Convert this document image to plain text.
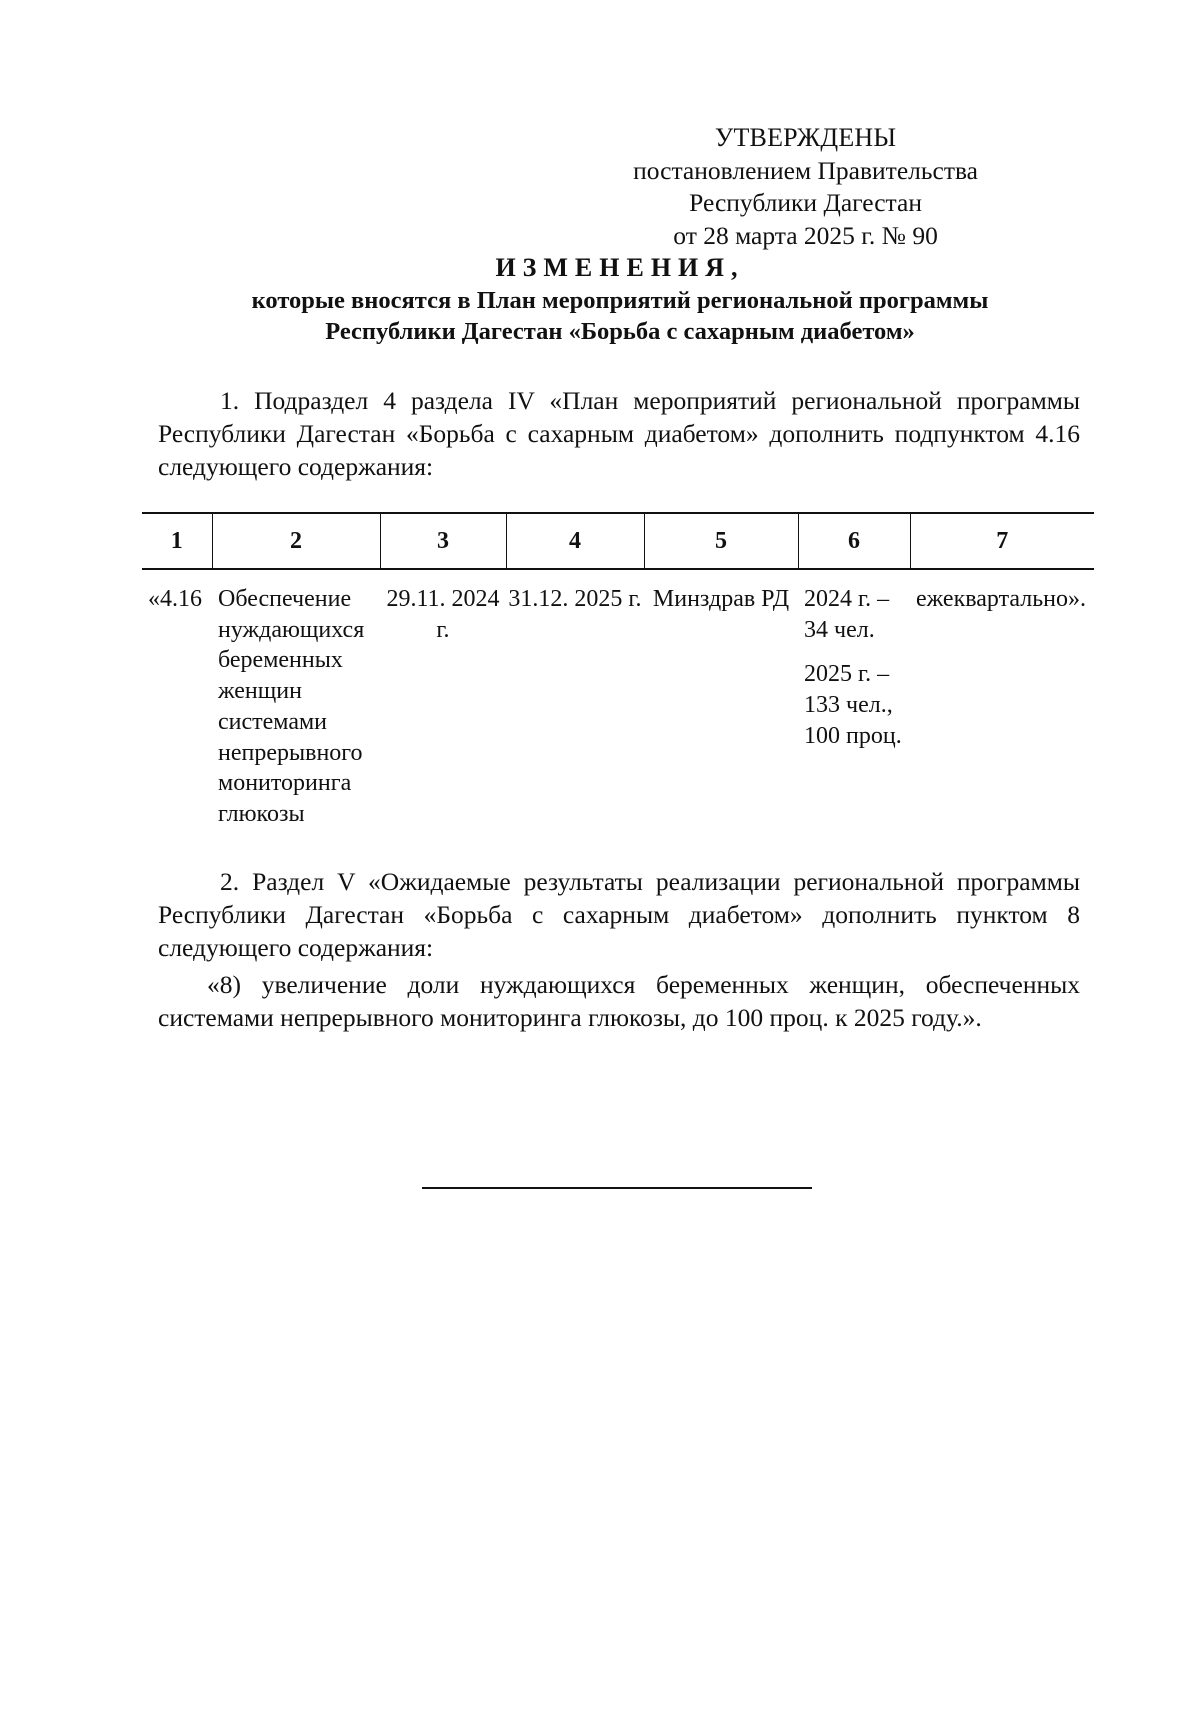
УТВЕРЖДЕНЫ
постановлением Правительства
Республики Дагестан
от 28 марта 2025 г. № 90
ИЗМЕНЕНИЯ,
которые вносятся в План мероприятий региональной программы
Республики Дагестан «Борьба с сахарным диабетом»
1. Подраздел 4 раздела IV «План мероприятий региональной программы Республики Дагестан «Борьба с сахарным диабетом» дополнить подпунктом 4.16 следующего содержания:
1	2	3	4	5	6	7
«4.16	Обеспечение нуждающихся беременных женщин системами непрерывного мониторинга глюкозы	29.11. 2024 г.	31.12. 2025 г.	Минздрав РД	2024 г. – 34 чел.
2025 г. – 133 чел., 100 проц.	ежеквартально».
2. Раздел V «Ожидаемые результаты реализации региональной программы Республики Дагестан «Борьба с сахарным диабетом» дополнить пунктом 8 следующего содержания:
«8) увеличение доли нуждающихся беременных женщин, обеспеченных системами непрерывного мониторинга глюкозы, до 100 проц. к 2025 году.».
